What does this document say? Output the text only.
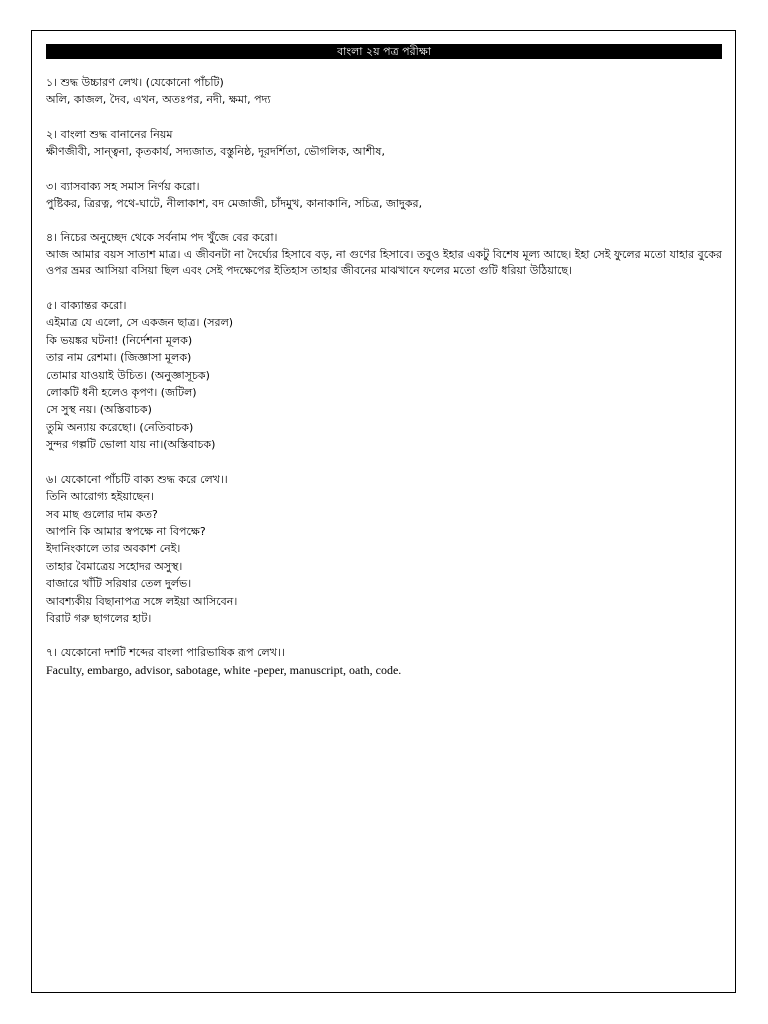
বাংলা ২য় পত্র পরীক্ষা
১। শুদ্ধ উচ্চারণ লেখ। (যেকোনো পাঁচটি)
অলি, কাজল, দৈব, এখন, অতঃপর, নদী, ক্ষমা, পদ্য
২। বাংলা শুদ্ধ বানানের নিয়ম
ক্ষীণজীবী, সান্ত্বনা, কৃতকার্য, সদ্যজাত, বস্তুনিষ্ঠ, দূরদর্শিতা, ভৌগলিক, আশীষ,
৩। ব্যাসবাক্য সহ সমাস নির্ণয় করো।
পুষ্টিকর, ত্রিরত্ন, পথে-ঘাটে, নীলাকাশ, বদ মেজাজী, চাঁদমুখ, কানাকানি, সচিত্র, জাদুকর,
৪। নিচের অনুচ্ছেদ থেকে সর্বনাম পদ খুঁজে বের করো।
আজ আমার বয়স সাতাশ মাত্র। এ জীবনটা না দৈর্ঘ্যের হিসাবে বড়, না গুণের হিসাবে। তবুও ইহার একটু বিশেষ মূল্য আছে। ইহা সেই ফুলের মতো যাহার বুকের ওপর ভ্রমর আসিয়া বসিয়া ছিল এবং সেই পদক্ষেপের ইতিহাস তাহার জীবনের মাঝখানে ফলের মতো গুটি ধরিয়া উঠিয়াছে।
৫। বাক্যান্তর করো।
এইমাত্র যে এলো, সে একজন ছাত্র। (সরল)
কি ভয়ঙ্কর ঘটনা! (নির্দেশনা মূলক)
তার নাম রেশমা। (জিজ্ঞাসা মূলক)
তোমার যাওয়াই উচিত। (অনুজ্ঞাসূচক)
লোকটি ধনী হলেও কৃপণ। (জটিল)
সে সুস্থ নয়। (অস্তিবাচক)
তুমি অন্যায় করেছো। (নেতিবাচক)
সুন্দর গল্পটি ভোলা যায় না।(অস্তিবাচক)
৬। যেকোনো পাঁচটি বাক্য শুদ্ধ করে লেখ।।
তিনি আরোগ্য হইয়াছেন।
সব মাছ গুলোর দাম কত?
আপনি কি আমার স্বপক্ষে না বিপক্ষে?
ইদানিংকালে তার অবকাশ নেই।
তাহার বৈমাত্রেয় সহোদর অসুস্থ।
বাজারে খাঁটি সরিষার তেল দুর্লভ।
আবশ্যকীয় বিছানাপত্র সঙ্গে লইয়া আসিবেন।
বিরাট গরু ছাগলের হাট।
৭। যেকোনো দশটি শব্দের বাংলা পারিভাষিক রূপ লেখ।।
Faculty, embargo, advisor, sabotage, white -peper, manuscript, oath, code.
